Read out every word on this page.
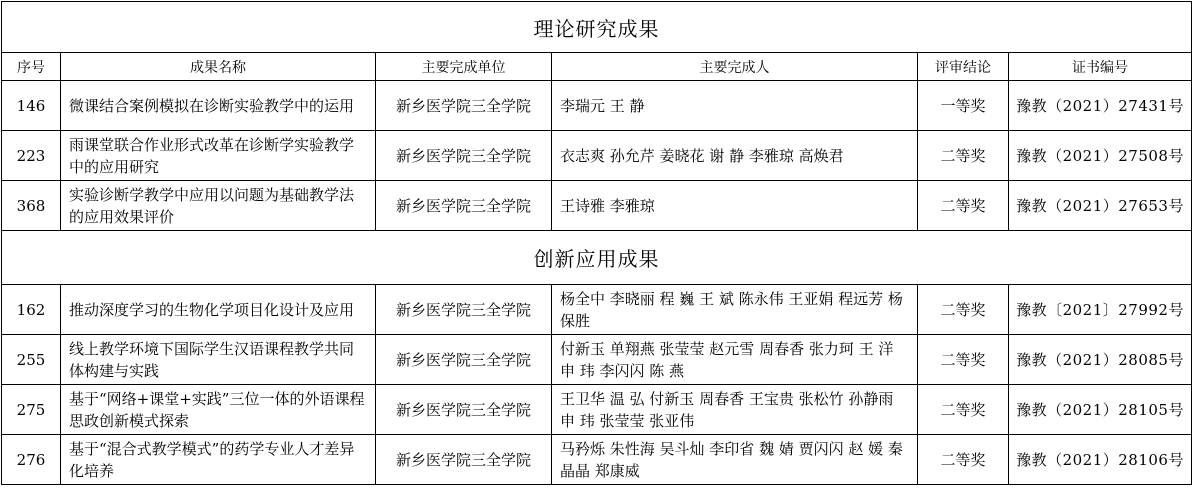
理论研究成果					
序号	成果名称	主要完成单位	主要完成人	评审结论	证书编号
146	微课结合案例模拟在诊断实验教学中的运用	新乡医学院三全学院	李瑞元 王 静	一等奖	豫教（2021）27431号
223	雨课堂联合作业形式改革在诊断学实验教学中的应用研究	新乡医学院三全学院	衣志爽 孙允芹 姜晓花 谢 静 李雅琼 高焕君	二等奖	豫教（2021）27508号
368	实验诊断学教学中应用以问题为基础教学法的应用效果评价	新乡医学院三全学院	王诗雅 李雅琼	二等奖	豫教（2021）27653号
创新应用成果					
162	推动深度学习的生物化学项目化设计及应用	新乡医学院三全学院	杨全中 李晓丽 程 巍 王 斌 陈永伟 王亚娟 程远芳 杨保胜	二等奖	豫教〔2021〕27992号
255	线上教学环境下国际学生汉语课程教学共同体构建与实践	新乡医学院三全学院	付新玉 单翔燕 张莹莹 赵元雪 周春香 张力珂 王 洋 申 玮 李闪闪 陈 燕	二等奖	豫教（2021）28085号
275	基于“网络+课堂+实践”三位一体的外语课程思政创新模式探索	新乡医学院三全学院	王卫华 温 弘 付新玉 周春香 王宝贵 张松竹 孙静雨 申 玮 张莹莹 张亚伟	二等奖	豫教（2021）28105号
276	基于“混合式教学模式”的药学专业人才差异化培养	新乡医学院三全学院	马矜烁 朱性海 吴斗灿 李印省 魏 婧 贾闪闪 赵 媛 秦晶晶 郑康威	二等奖	豫教（2021）28106号
